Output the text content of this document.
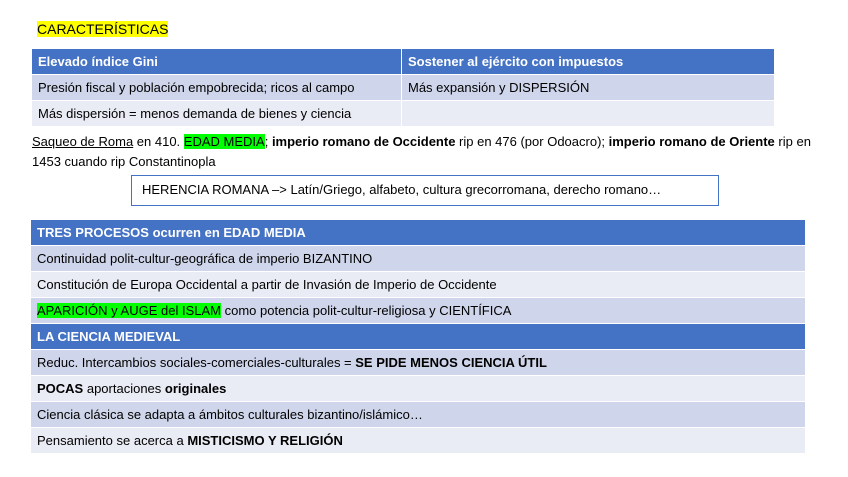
CARACTERÍSTICAS
Elevado índice Gini	Sostener al ejército con impuestos
Presión fiscal y población empobrecida; ricos al campo	Más expansión y DISPERSIÓN
Más dispersión = menos demanda de bienes y ciencia	
Saqueo de Roma en 410. EDAD MEDIA; imperio romano de Occidente rip en 476 (por Odoacro); imperio romano de Oriente rip en 1453 cuando rip Constantinopla
HERENCIA ROMANA –> Latín/Griego, alfabeto, cultura grecorromana, derecho romano…
TRES PROCESOS ocurren en EDAD MEDIA
Continuidad polit-cultur-geográfica de imperio BIZANTINO
Constitución de Europa Occidental a partir de Invasión de Imperio de Occidente
APARICIÓN y AUGE del ISLAM como potencia polit-cultur-religiosa y CIENTÍFICA
LA CIENCIA MEDIEVAL
Reduc. Intercambios sociales-comerciales-culturales = SE PIDE MENOS CIENCIA ÚTIL
POCAS aportaciones originales
Ciencia clásica se adapta a ámbitos culturales bizantino/islámico…
Pensamiento se acerca a MISTICISMO Y RELIGIÓN
